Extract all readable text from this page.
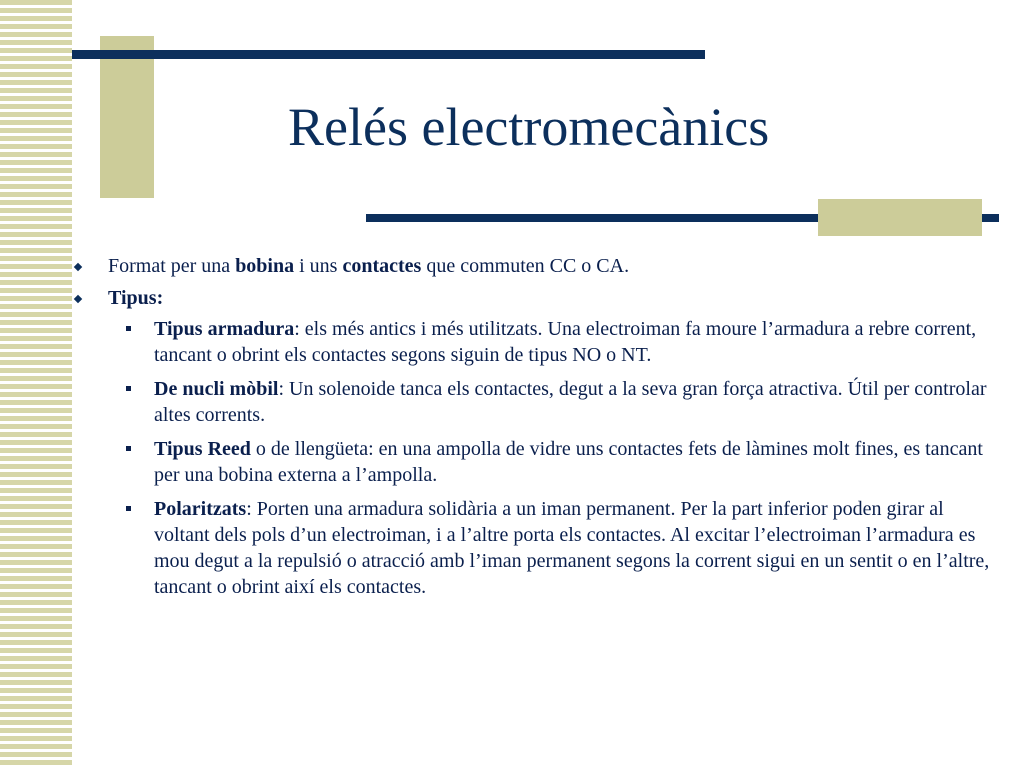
Relés electromecànics
Format per una bobina i uns contactes que commuten CC o CA.
Tipus:
Tipus armadura: els més antics i més utilitzats. Una electroiman fa moure l’armadura a rebre corrent, tancant o obrint els contactes segons siguin de tipus NO o NT.
De nucli mòbil: Un solenoide tanca els contactes, degut a la seva gran força atractiva. Útil per controlar altes corrents.
Tipus Reed o de llengüeta: en una ampolla de vidre uns contactes fets de làmines molt fines, es tancant per una bobina externa a l’ampolla.
Polaritzats: Porten una armadura solidària a un iman permanent. Per la part inferior poden girar al voltant dels pols d’un electroiman, i a l’altre porta els contactes. Al excitar l’electroiman l’armadura es mou degut a la repulsió o atracció amb l’iman permanent segons la corrent sigui en un sentit o en l’altre, tancant o obrint així els contactes.
